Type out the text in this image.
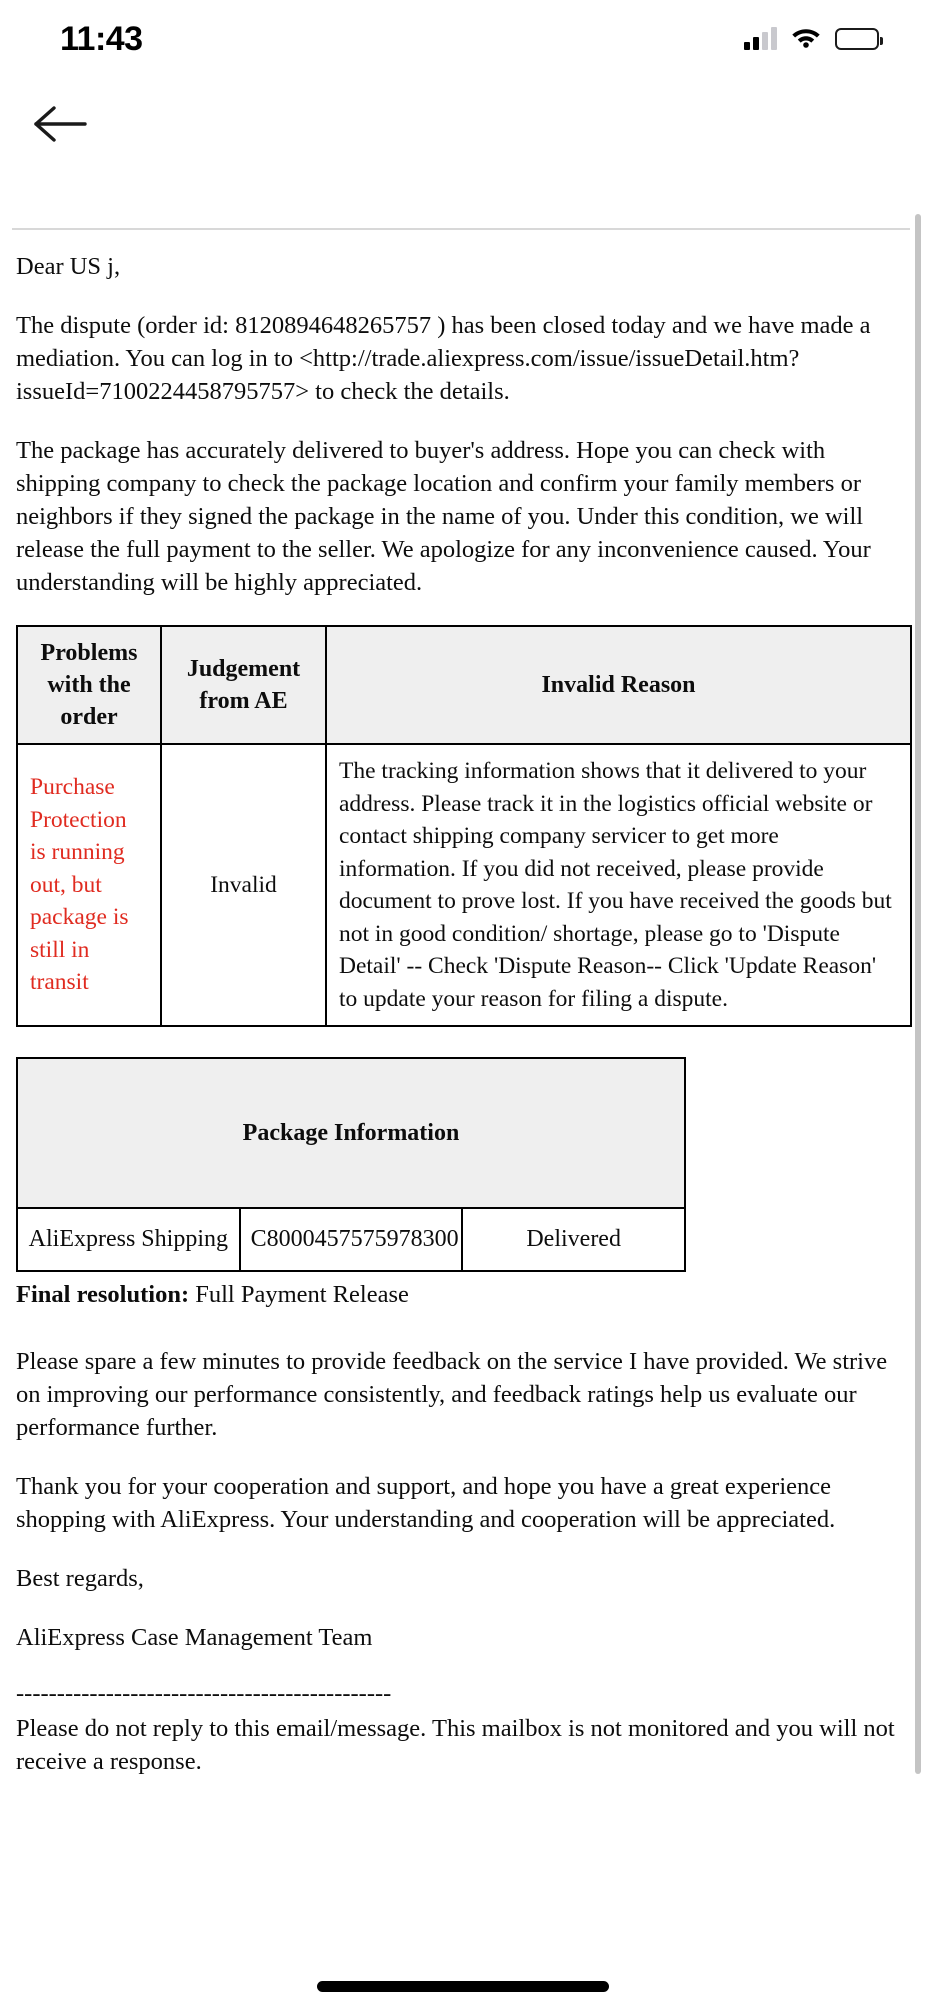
11:43

Dear US j,

The dispute (order id: 8120894648265757 ) has been closed today and we have made a mediation. You can log in to <http://trade.aliexpress.com/issue/issueDetail.htm?issueId=7100224458795757> to check the details.

The package has accurately delivered to buyer's address. Hope you can check with shipping company to check the package location and confirm your family members or neighbors if they signed the package in the name of you. Under this condition, we will release the full payment to the seller. We apologize for any inconvenience caused. Your understanding will be highly appreciated.

Problems with the order	Judgement from AE	Invalid Reason
Purchase Protection is running out, but package is still in transit	Invalid	The tracking information shows that it delivered to your address. Please track it in the logistics official website or contact shipping company servicer to get more information. If you did not received, please provide document to prove lost. If you have received the goods but not in good condition/ shortage, please go to 'Dispute Detail' -- Check 'Dispute Reason-- Click 'Update Reason' to update your reason for filing a dispute.
Package Information
AliExpress Shipping	C8000457575978300	Delivered
Final resolution: Full Payment Release

Please spare a few minutes to provide feedback on the service I have provided. We strive on improving our performance consistently, and feedback ratings help us evaluate our performance further.

Thank you for your cooperation and support, and hope you have a great experience shopping with AliExpress. Your understanding and cooperation will be appreciated.

Best regards,

AliExpress Case Management Team

----------------------------------------------

Please do not reply to this email/message. This mailbox is not monitored and you will not receive a response.
